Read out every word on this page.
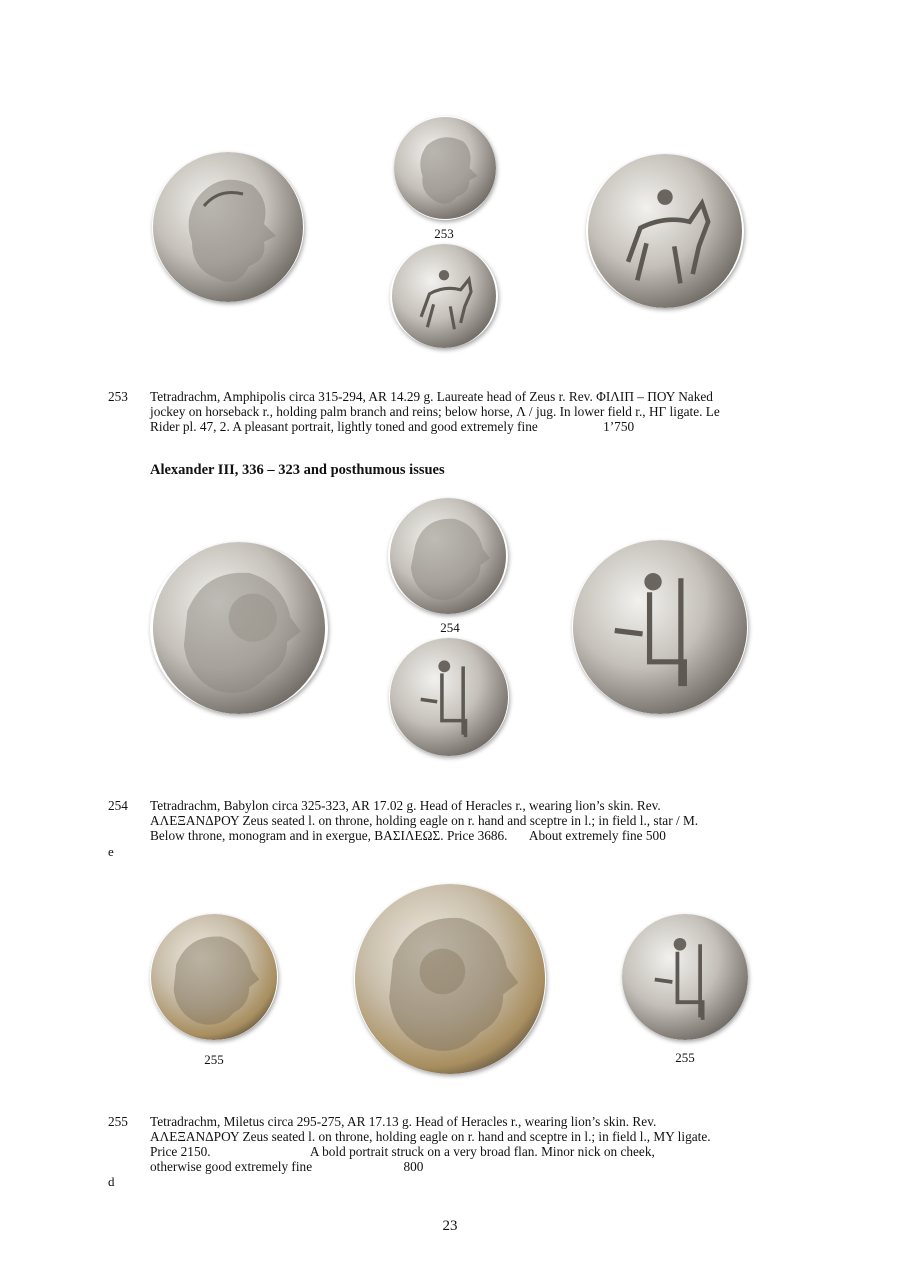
253
253 Tetradrachm, Amphipolis circa 315-294, AR 14.29 g. Laureate head of Zeus r. Rev. ΦΙΛΙΠ – ΠΟΥ Naked
jockey on horseback r., holding palm branch and reins; below horse, Λ / jug. In lower field r., ΗΓ ligate. Le
Rider pl. 47, 2. A pleasant portrait, lightly toned and good extremely fine	1’750
Alexander III, 336 – 323 and posthumous issues
254
254 Tetradrachm, Babylon circa 325-323, AR 17.02 g. Head of Heracles r., wearing lion’s skin. Rev.
ΑΛΕΞΑΝΔΡΟΥ Zeus seated l. on throne, holding eagle on r. hand and sceptre in l.; in field l., star / M.
Below throne, monogram and in exergue, ΒΑΣΙΛΕΩΣ. Price 3686. About extremely fine 500
e
255	255
255 Tetradrachm, Miletus circa 295-275, AR 17.13 g. Head of Heracles r., wearing lion’s skin. Rev.
ΑΛΕΞΑΝΔΡΟΥ Zeus seated l. on throne, holding eagle on r. hand and sceptre in l.; in field l., MY ligate.
Price 2150.	A bold portrait struck on a very broad flan. Minor nick on cheek,
otherwise good extremely fine	800
d
23
